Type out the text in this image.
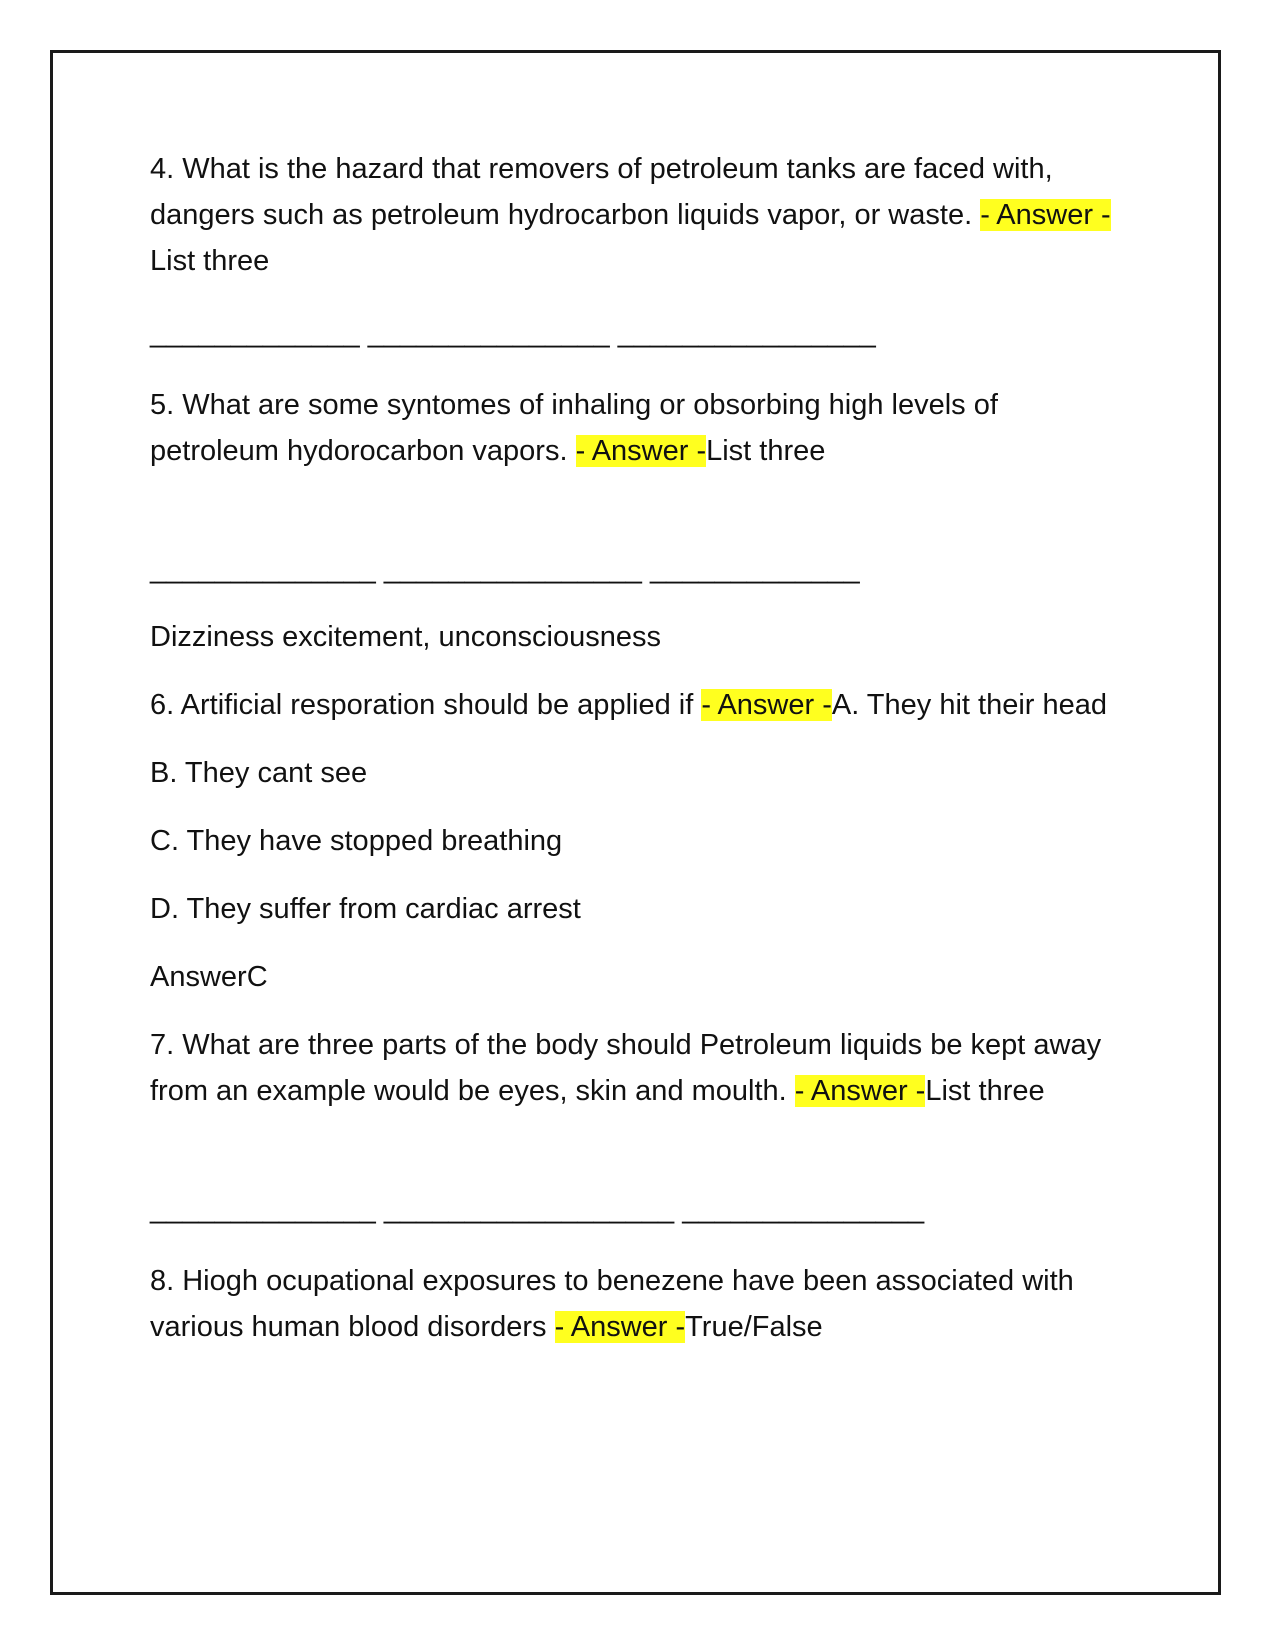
4. What is the hazard that removers of petroleum tanks are faced with, dangers such as petroleum hydrocarbon liquids vapor, or waste. - Answer -List three

_____________ _______________ ________________

5. What are some syntomes of inhaling or obsorbing high levels of petroleum hydorocarbon vapors. - Answer -List three

______________ ________________ _____________

Dizziness excitement, unconsciousness

6. Artificial resporation should be applied if - Answer -A. They hit their head

B. They cant see

C. They have stopped breathing

D. They suffer from cardiac arrest

AnswerC

7. What are three parts of the body should Petroleum liquids be kept away from an example would be eyes, skin and moulth. - Answer -List three

______________ __________________ _______________

8. Hiogh ocupational exposures to benezene have been associated with various human blood disorders - Answer -True/False
